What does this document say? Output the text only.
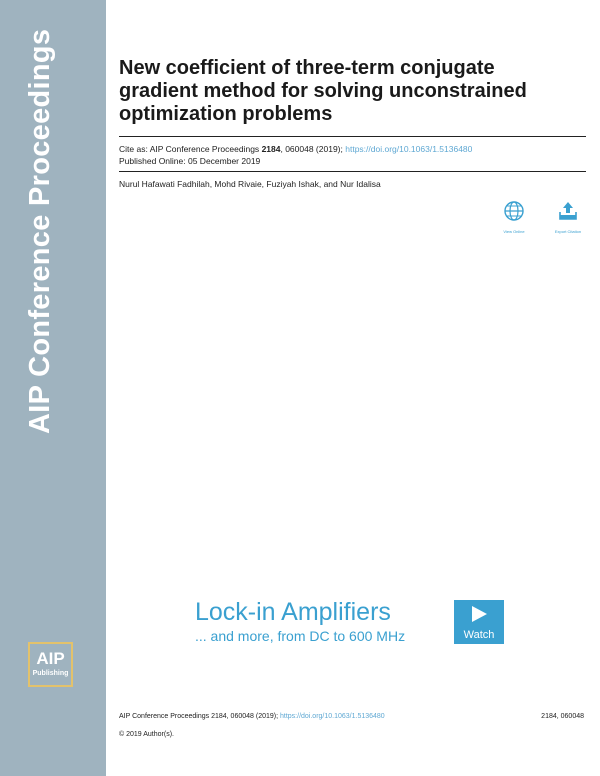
AIP Conference Proceedings
AIP
Publishing
New coefficient of three-term conjugate gradient method for solving unconstrained optimization problems
Cite as: AIP Conference Proceedings 2184, 060048 (2019); https://doi.org/10.1063/1.5136480
Published Online: 05 December 2019
Nurul Hafawati Fadhilah, Mohd Rivaie, Fuziyah Ishak, and Nur Idalisa
View Online	Export Citation
Lock-in Amplifiers
... and more, from DC to 600 MHz	Watch
AIP Conference Proceedings 2184, 060048 (2019); https://doi.org/10.1063/1.5136480	2184, 060048
© 2019 Author(s).
